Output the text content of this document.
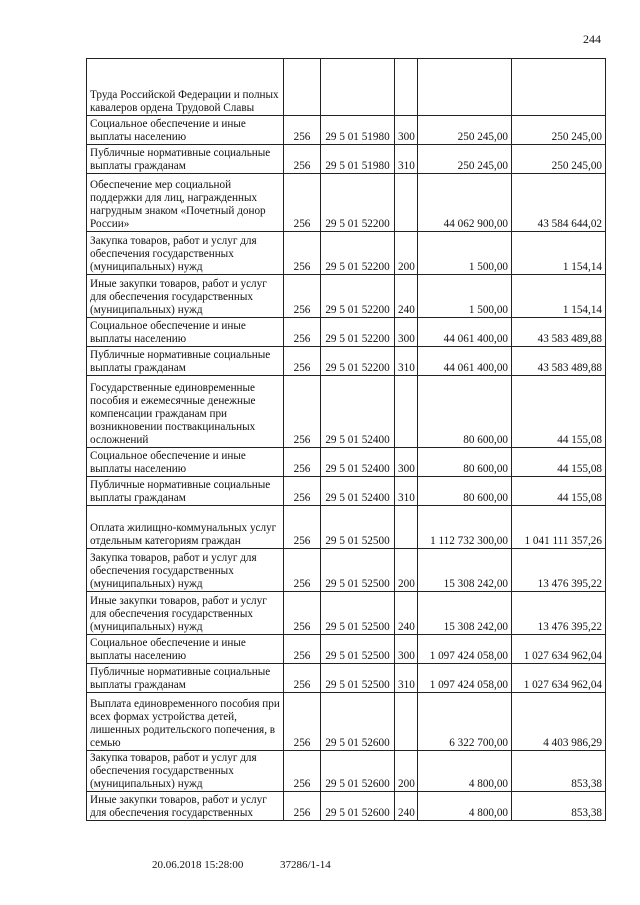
244
Труда Российской Федерации и полных кавалеров ордена Трудовой Славы					
Социальное обеспечение и иные выплаты населению	256	29 5 01 51980	300	250 245,00	250 245,00
Публичные нормативные социальные выплаты гражданам	256	29 5 01 51980	310	250 245,00	250 245,00
Обеспечение мер социальной поддержки для лиц, награжденных нагрудным знаком «Почетный донор России»	256	29 5 01 52200		44 062 900,00	43 584 644,02
Закупка товаров, работ и услуг для обеспечения государственных (муниципальных) нужд	256	29 5 01 52200	200	1 500,00	1 154,14
Иные закупки товаров, работ и услуг для обеспечения государственных (муниципальных) нужд	256	29 5 01 52200	240	1 500,00	1 154,14
Социальное обеспечение и иные выплаты населению	256	29 5 01 52200	300	44 061 400,00	43 583 489,88
Публичные нормативные социальные выплаты гражданам	256	29 5 01 52200	310	44 061 400,00	43 583 489,88
Государственные единовременные пособия и ежемесячные денежные компенсации гражданам при возникновении поствакцинальных осложнений	256	29 5 01 52400		80 600,00	44 155,08
Социальное обеспечение и иные выплаты населению	256	29 5 01 52400	300	80 600,00	44 155,08
Публичные нормативные социальные выплаты гражданам	256	29 5 01 52400	310	80 600,00	44 155,08
Оплата жилищно-коммунальных услуг отдельным категориям граждан	256	29 5 01 52500		1 112 732 300,00	1 041 111 357,26
Закупка товаров, работ и услуг для обеспечения государственных (муниципальных) нужд	256	29 5 01 52500	200	15 308 242,00	13 476 395,22
Иные закупки товаров, работ и услуг для обеспечения государственных (муниципальных) нужд	256	29 5 01 52500	240	15 308 242,00	13 476 395,22
Социальное обеспечение и иные выплаты населению	256	29 5 01 52500	300	1 097 424 058,00	1 027 634 962,04
Публичные нормативные социальные выплаты гражданам	256	29 5 01 52500	310	1 097 424 058,00	1 027 634 962,04
Выплата единовременного пособия при всех формах устройства детей, лишенных родительского попечения, в семью	256	29 5 01 52600		6 322 700,00	4 403 986,29
Закупка товаров, работ и услуг для обеспечения государственных (муниципальных) нужд	256	29 5 01 52600	200	4 800,00	853,38
Иные закупки товаров, работ и услуг для обеспечения государственных	256	29 5 01 52600	240	4 800,00	853,38
20.06.2018 15:28:00	37286/1-14
